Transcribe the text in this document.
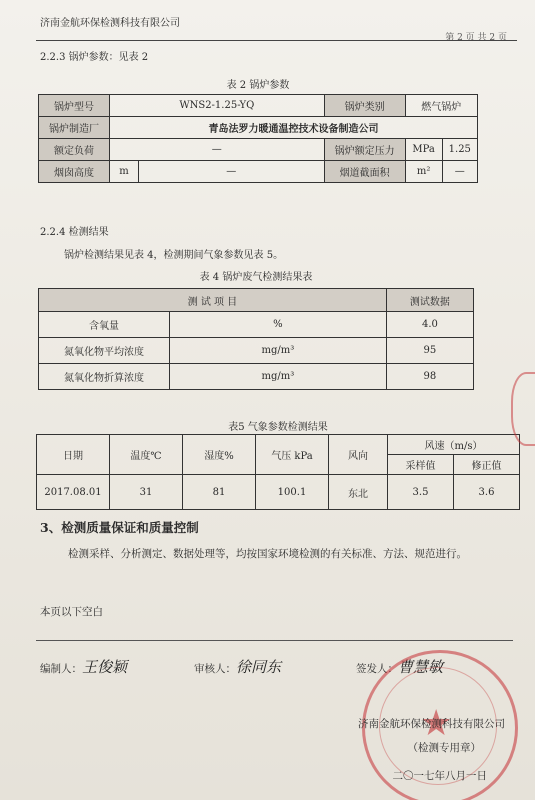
济南金航环保检测科技有限公司
第 2 页 共 2 页
2.2.3 锅炉参数：见表 2
表 2 锅炉参数
锅炉型号	WNS2-1.25-YQ		锅炉类别	燃气锅炉	
锅炉制造厂	青岛法罗力暖通温控技术设备制造公司				
额定负荷	—		锅炉额定压力	MPa	1.25
烟囱高度	m	—	烟道截面积	m²	—
2.2.4 检测结果
锅炉检测结果见表 4，检测期间气象参数见表 5。
表 4 锅炉废气检测结果表
测 试 项 目		测试数据
含氧量	%	4.0
氮氧化物平均浓度	mg/m³	95
氮氧化物折算浓度	mg/m³	98
表5 气象参数检测结果
日期	温度℃	湿度%	气压 kPa	风向	风速（m/s）	
					采样值	修正值
2017.08.01	31	81	100.1	东北	3.5	3.6
3、检测质量保证和质量控制
检测采样、分析测定、数据处理等，均按国家环境检测的有关标准、方法、规范进行。
本页以下空白
编制人：王俊颖	审核人：徐同东	签发人：曹慧敏
★
济南金航环保检测科技有限公司
（检测专用章）
二〇一七年八月一日
